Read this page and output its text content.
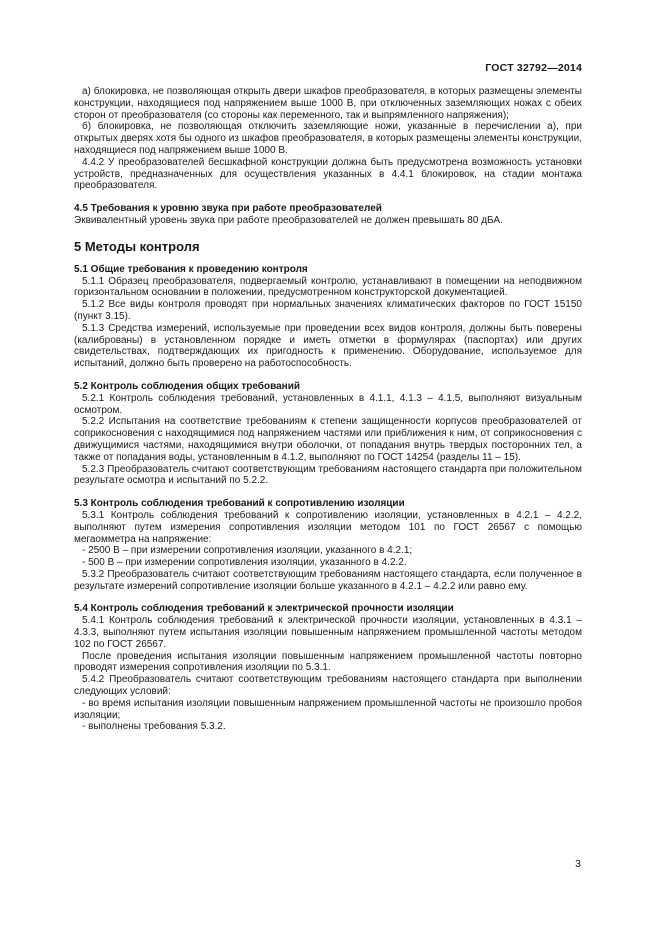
ГОСТ 32792—2014

а) блокировка, не позволяющая открыть двери шкафов преобразователя, в которых размещены элементы конструкции, находящиеся под напряжением выше 1000 В, при отключенных заземляющих ножах с обеих сторон от преобразователя (со стороны как переменного, так и выпрямленного напряжения);

б) блокировка, не позволяющая отключить заземляющие ножи, указанные в перечислении а), при открытых дверях хотя бы одного из шкафов преобразователя, в которых размещены элементы конструкции, находящиеся под напряжением выше 1000 В.

4.4.2 У преобразователей бесшкафной конструкции должна быть предусмотрена возможность установки устройств, предназначенных для осуществления указанных в 4.4.1 блокировок, на стадии монтажа преобразователя.

4.5 Требования к уровню звука при работе преобразователей

Эквивалентный уровень звука при работе преобразователей не должен превышать 80 дБА.

5 Методы контроля
5.1 Общие требования к проведению контроля

5.1.1 Образец преобразователя, подвергаемый контролю, устанавливают в помещении на неподвижном горизонтальном основании в положении, предусмотренном конструкторской документацией.

5.1.2 Все виды контроля проводят при нормальных значениях климатических факторов по ГОСТ 15150 (пункт 3.15).

5.1.3 Средства измерений, используемые при проведении всех видов контроля, должны быть поверены (калиброваны) в установленном порядке и иметь отметки в формулярах (паспортах) или других свидетельствах, подтверждающих их пригодность к применению. Оборудование, используемое для испытаний, должно быть проверено на работоспособность.

5.2 Контроль соблюдения общих требований

5.2.1 Контроль соблюдения требований, установленных в 4.1.1, 4.1.3 – 4.1.5, выполняют визуальным осмотром.

5.2.2 Испытания на соответствие требованиям к степени защищенности корпусов преобразователей от соприкосновения с находящимися под напряжением частями или приближения к ним, от соприкосновения с движущимися частями, находящимися внутри оболочки, от попадания внутрь твердых посторонних тел, а также от попадания воды, установленным в 4.1.2, выполняют по ГОСТ 14254 (разделы 11 – 15).

5.2.3 Преобразователь считают соответствующим требованиям настоящего стандарта при положительном результате осмотра и испытаний по 5.2.2.

5.3 Контроль соблюдения требований к сопротивлению изоляции

5.3.1 Контроль соблюдения требований к сопротивлению изоляции, установленных в 4.2.1 – 4.2.2, выполняют путем измерения сопротивления изоляции методом 101 по ГОСТ 26567 с помощью мегаомметра на напряжение:

- 2500 В – при измерении сопротивления изоляции, указанного в 4.2.1;

- 500 В – при измерении сопротивления изоляции, указанного в 4.2.2.

5.3.2 Преобразователь считают соответствующим требованиям настоящего стандарта, если полученное в результате измерений сопротивление изоляции больше указанного в 4.2.1 – 4.2.2 или равно ему.

5.4 Контроль соблюдения требований к электрической прочности изоляции

5.4.1 Контроль соблюдения требований к электрической прочности изоляции, установленных в 4.3.1 – 4.3.3, выполняют путем испытания изоляции повышенным напряжением промышленной частоты методом 102 по ГОСТ 26567.

После проведения испытания изоляции повышенным напряжением промышленной частоты повторно проводят измерения сопротивления изоляции по 5.3.1.

5.4.2 Преобразователь считают соответствующим требованиям настоящего стандарта при выполнении следующих условий:

- во время испытания изоляции повышенным напряжением промышленной частоты не произошло пробоя изоляции;

- выполнены требования 5.3.2.

3
